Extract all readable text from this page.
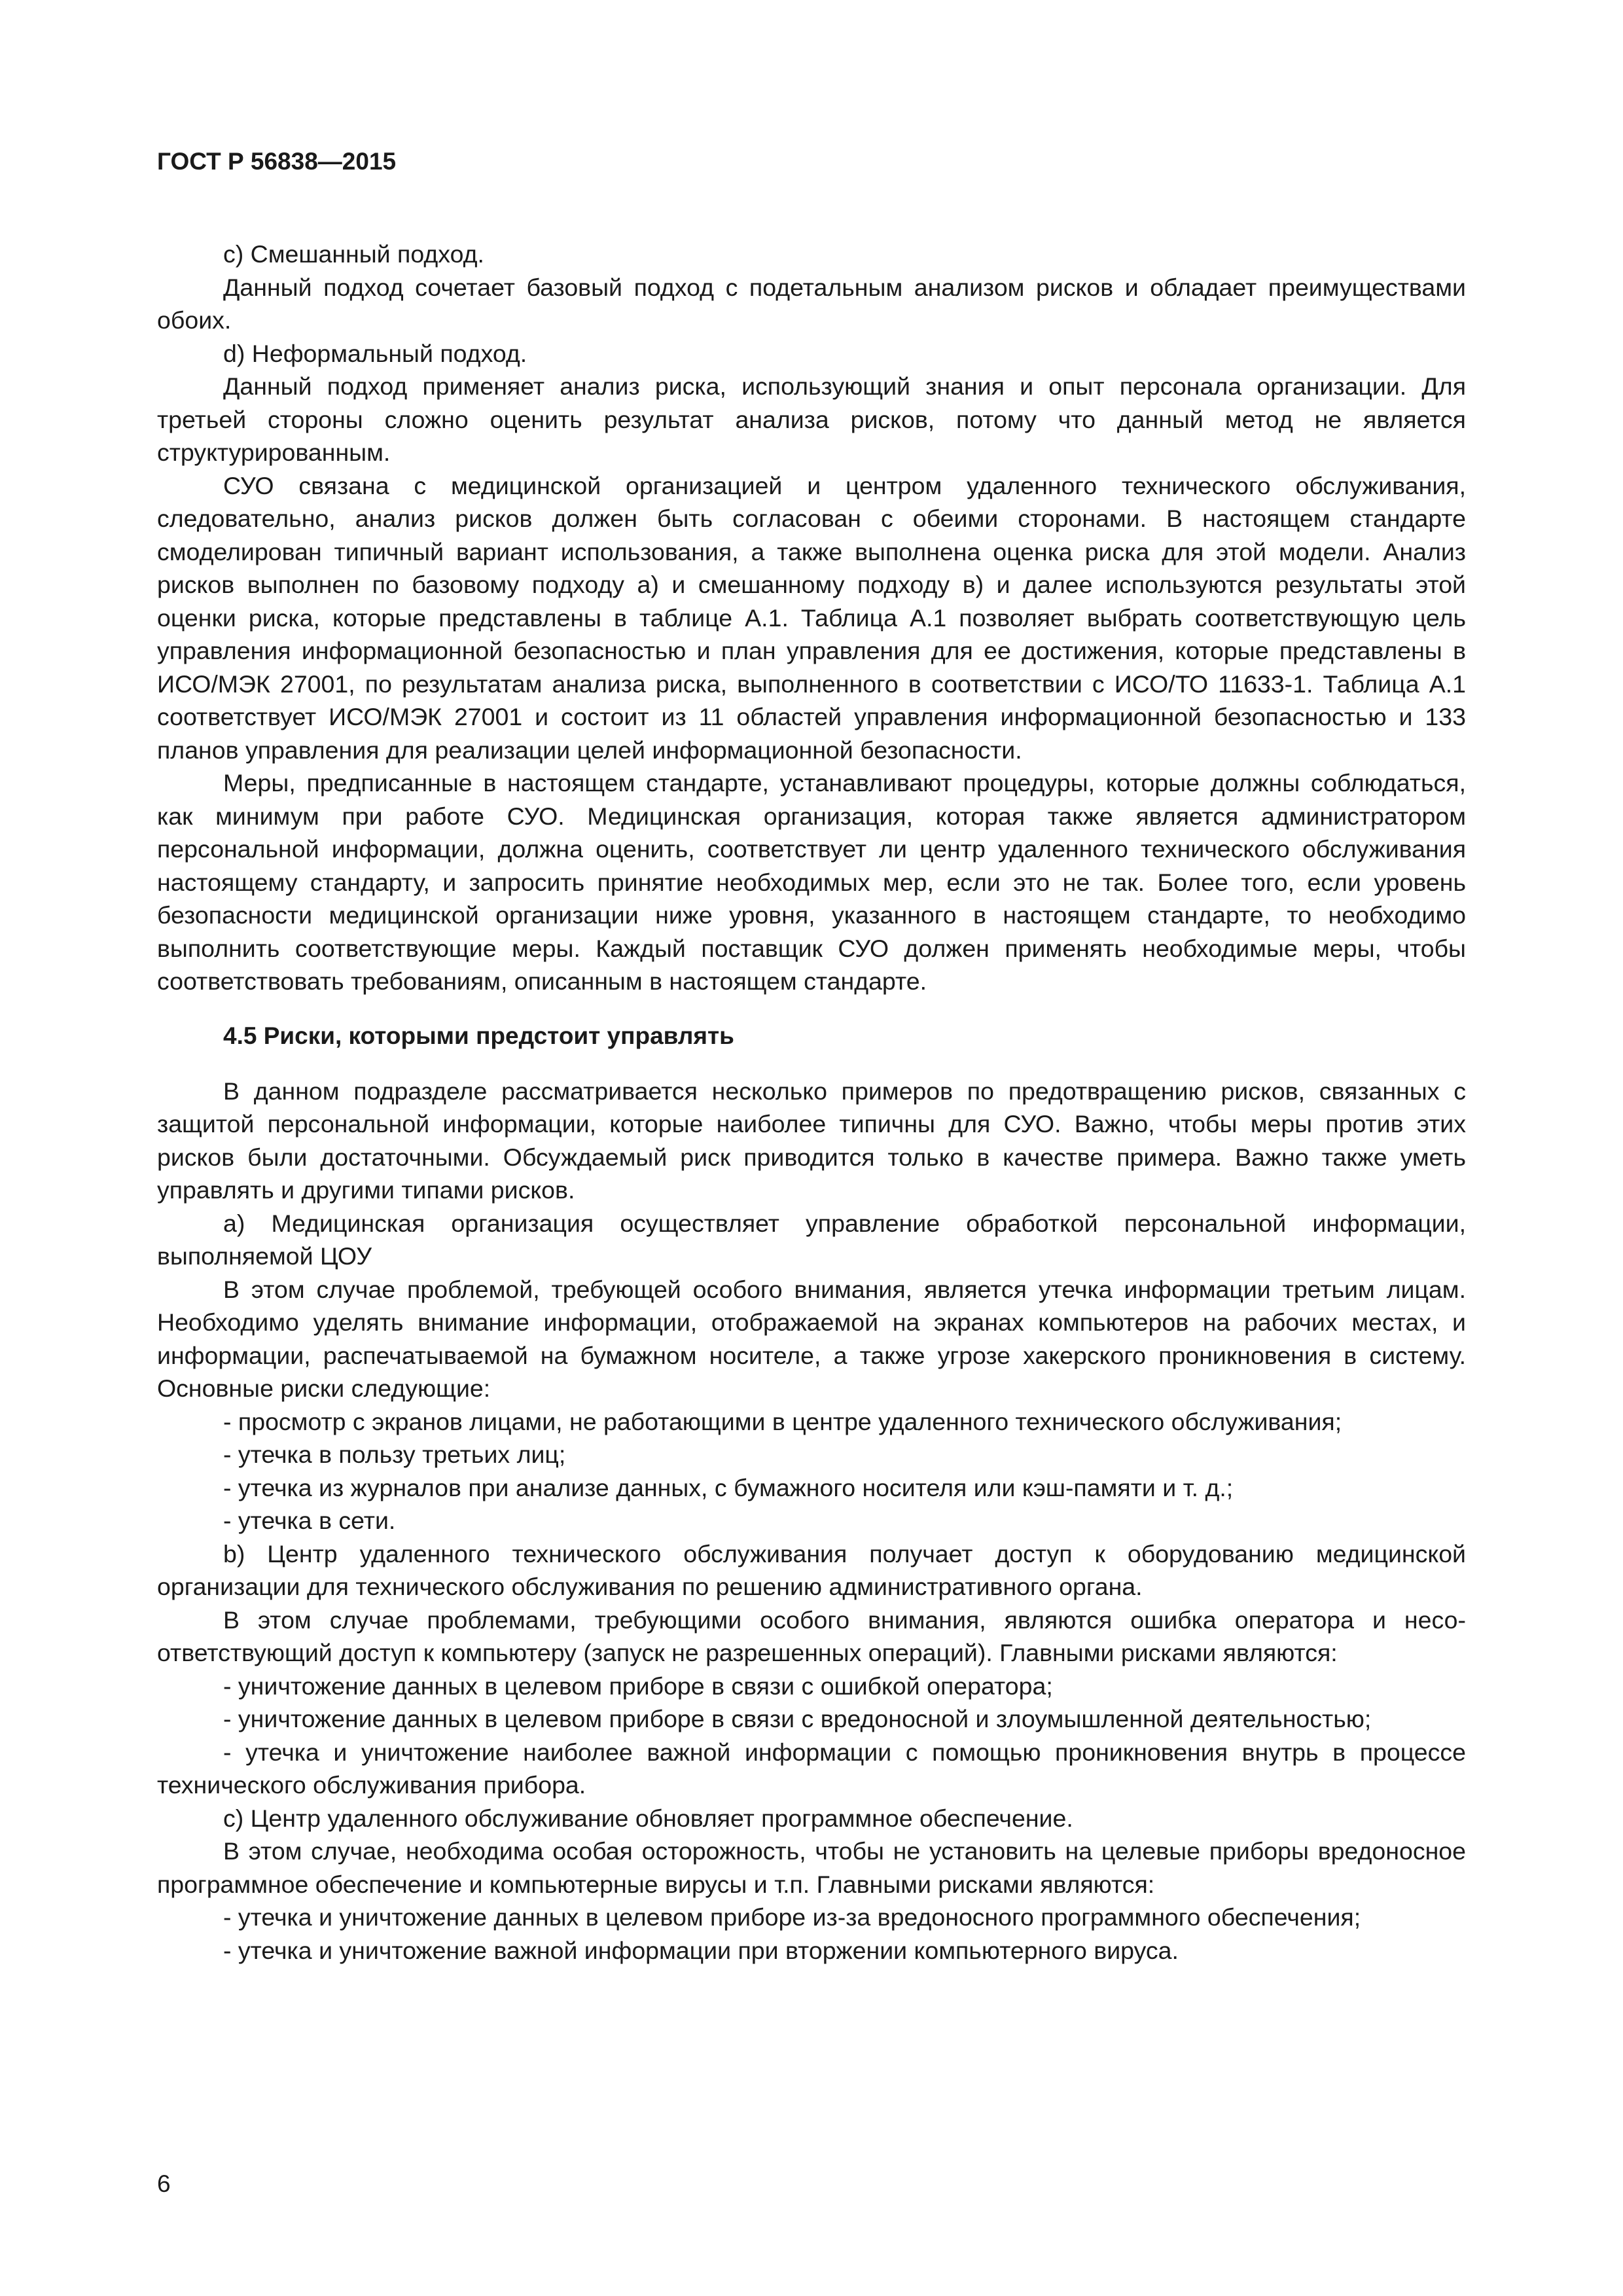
ГОСТ Р 56838—2015
с) Смешанный подход.
Данный подход сочетает базовый подход с подетальным анализом рисков и обладает преимуществами обоих.
d) Неформальный подход.
Данный подход применяет анализ риска, использующий знания и опыт персонала организации. Для третьей стороны сложно оценить результат анализа рисков, потому что данный метод не является структурированным.
СУО связана с медицинской организацией и центром удаленного технического обслуживания, следовательно, анализ рисков должен быть согласован с обеими сторонами. В настоящем стандарте смоделирован типичный вариант использования, а также выполнена оценка риска для этой модели. Анализ рисков выполнен по базовому подходу а) и смешанному подходу в) и далее используются результаты этой оценки риска, которые представлены в таблице А.1. Таблица А.1 позволяет выбрать соответствующую цель управления информационной безопасностью и план управления для ее достижения, которые представлены в ИСО/МЭК 27001, по результатам анализа риска, выполненного в соответствии с ИСО/ТО 11633-1. Таблица А.1 соответствует ИСО/МЭК 27001 и состоит из 11 областей управления информационной безопасностью и 133 планов управления для реализации целей информационной безопасности.
Меры, предписанные в настоящем стандарте, устанавливают процедуры, которые должны соблюдаться, как минимум при работе СУО. Медицинская организация, которая также является администратором персональной информации, должна оценить, соответствует ли центр удаленного технического обслуживания настоящему стандарту, и запросить принятие необходимых мер, если это не так. Более того, если уровень безопасности медицинской организации ниже уровня, указанного в настоящем стандарте, то необходимо выполнить соответствующие меры. Каждый поставщик СУО должен применять необходимые меры, чтобы соответствовать требованиям, описанным в настоящем стандарте.
4.5 Риски, которыми предстоит управлять
В данном подразделе рассматривается несколько примеров по предотвращению рисков, связанных с защитой персональной информации, которые наиболее типичны для СУО. Важно, чтобы меры против этих рисков были достаточными. Обсуждаемый риск приводится только в качестве примера. Важно также уметь управлять и другими типами рисков.
а) Медицинская организация осуществляет управление обработкой персональной информации, выполняемой ЦОУ
В этом случае проблемой, требующей особого внимания, является утечка информации третьим лицам. Необходимо уделять внимание информации, отображаемой на экранах компьютеров на рабочих местах, и информации, распечатываемой на бумажном носителе, а также угрозе хакерского проникновения в систему. Основные риски следующие:
- просмотр с экранов лицами, не работающими в центре удаленного технического обслуживания;
- утечка в пользу третьих лиц;
- утечка из журналов при анализе данных, с бумажного носителя или кэш-памяти и т. д.;
- утечка в сети.
b) Центр удаленного технического обслуживания получает доступ к оборудованию медицинской организации для технического обслуживания по решению административного органа.
В этом случае проблемами, требующими особого внимания, являются ошибка оператора и несоответствующий доступ к компьютеру (запуск не разрешенных операций). Главными рисками являются:
- уничтожение данных в целевом приборе в связи с ошибкой оператора;
- уничтожение данных в целевом приборе в связи с вредоносной и злоумышленной деятельностью;
- утечка и уничтожение наиболее важной информации с помощью проникновения внутрь в процессе технического обслуживания прибора.
с) Центр удаленного обслуживание обновляет программное обеспечение.
В этом случае, необходима особая осторожность, чтобы не установить на целевые приборы вредоносное программное обеспечение и компьютерные вирусы и т.п. Главными рисками являются:
- утечка и уничтожение данных в целевом приборе из-за вредоносного программного обеспечения;
- утечка и уничтожение важной информации при вторжении компьютерного вируса.
6
